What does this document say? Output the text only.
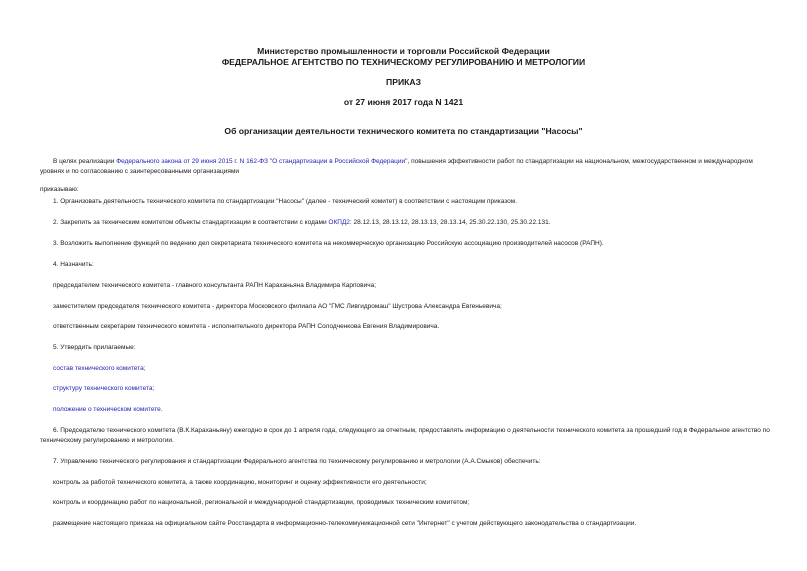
Министерство промышленности и торговли Российской Федерации
ФЕДЕРАЛЬНОЕ АГЕНТСТВО ПО ТЕХНИЧЕСКОМУ РЕГУЛИРОВАНИЮ И МЕТРОЛОГИИ
ПРИКАЗ
от 27 июня 2017 года N 1421
Об организации деятельности технического комитета по стандартизации "Насосы"
В целях реализации Федерального закона от 29 июня 2015 г. N 162-ФЗ "О стандартизации в Российской Федерации", повышения эффективности работ по стандартизации на национальном, межгосударственном и международном уровнях и по согласованию с заинтересованными организациями
приказываю:
1. Организовать деятельность технического комитета по стандартизации "Насосы" (далее - технический комитет) в соответствии с настоящим приказом.
2. Закрепить за техническим комитетом объекты стандартизации в соответствии с кодами ОКПД2: 28.12.13, 28.13.12, 28.13.13, 28.13.14, 25.30.22.130, 25.30.22.131.
3. Возложить выполнение функций по ведению дел секретариата технического комитета на некоммерческую организацию Российскую ассоциацию производителей насосов (РАПН).
4. Назначить:
председателем технического комитета - главного консультанта РАПН Караханьяна Владимира Карповича;
заместителем председателя технического комитета - директора Московского филиала АО "ГМС Ливгидромаш" Шустрова Александра Евгеньевича;
ответственным секретарем технического комитета - исполнительного директора РАПН Солодченкова Евгения Владимировича.
5. Утвердить прилагаемые:
состав технического комитета;
структуру технического комитета;
положение о техническом комитете.
6. Председателю технического комитета (В.К.Караханьяну) ежегодно в срок до 1 апреля года, следующего за отчетным, предоставлять информацию о деятельности технического комитета за прошедший год в Федеральное агентство по техническому регулированию и метрологии.
7. Управлению технического регулирования и стандартизации Федерального агентства по техническому регулированию и метрологии (А.А.Смыков) обеспечить:
контроль за работой технического комитета, а также координацию, мониторинг и оценку эффективности его деятельности;
контроль и координацию работ по национальной, региональной и международной стандартизации, проводимых техническим комитетом;
размещение настоящего приказа на официальном сайте Росстандарта в информационно-телекоммуникационной сети "Интернет" с учетом действующего законодательства о стандартизации.
